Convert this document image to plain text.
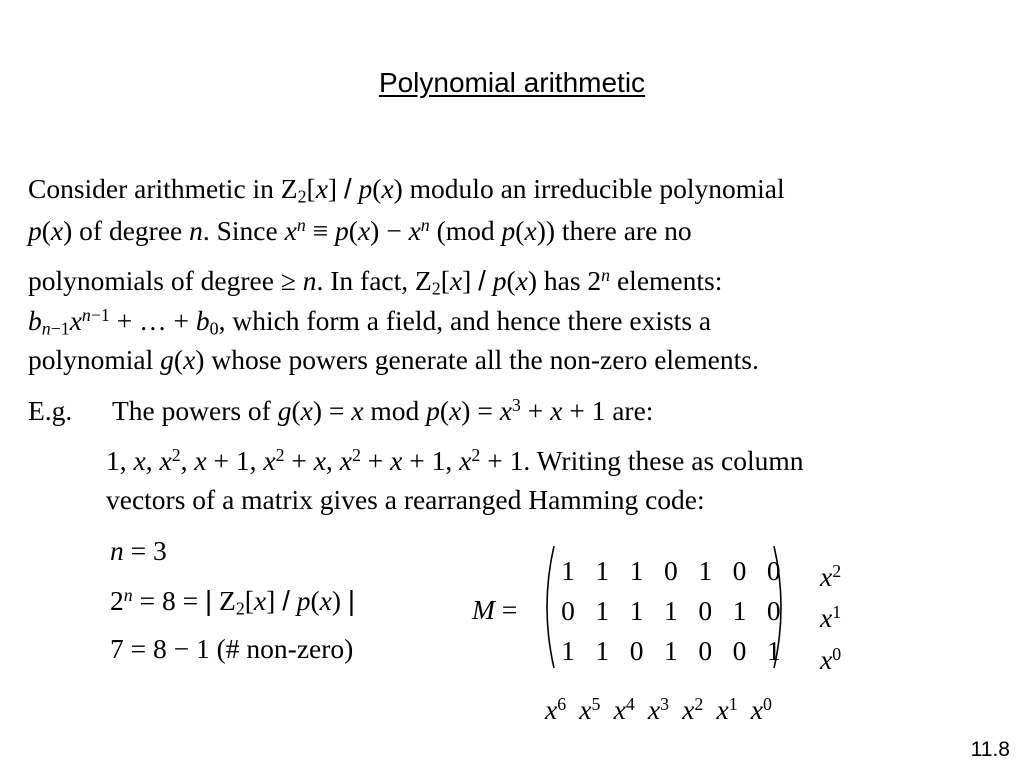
Polynomial arithmetic
Consider arithmetic in $Z_2[x] / p(x)$ modulo an irreducible polynomial
p(x) of degree n. Since $x^n \equiv p(x) - x^n$ (mod p(x)) there are no
polynomials of degree ≥ n. In fact, $Z_2[x] / p(x)$ has 2$^n$ elements:
$b_{n-1}x^{n-1}$ + … + $b_0$, which form a field, and hence there exists a
polynomial g(x) whose powers generate all the non-zero elements.
E.g. The powers of g(x) = x mod $p(x) = x^3 + x + 1$ are:
1, x, $x^2$, x + 1, $x^2 + x$, $x^2 + x + 1$, $x^2 + 1$. Writing these as column
vectors of a matrix gives a rearranged Hamming code:
n = 3
$2^n = 8$ = | $Z_2[x] / p(x)$ |
7 = 8 − 1 (# non-zero)
M =
1 1 1 0 1 0 0
0 1 1 1 0 1 0
1 1 0 1 0 0 1
$x^2$
$x^1$
$x^0$
$x^6$ $x^5$ $x^4$ $x^3$ $x^2$ $x^1$ $x^0$
11.8
